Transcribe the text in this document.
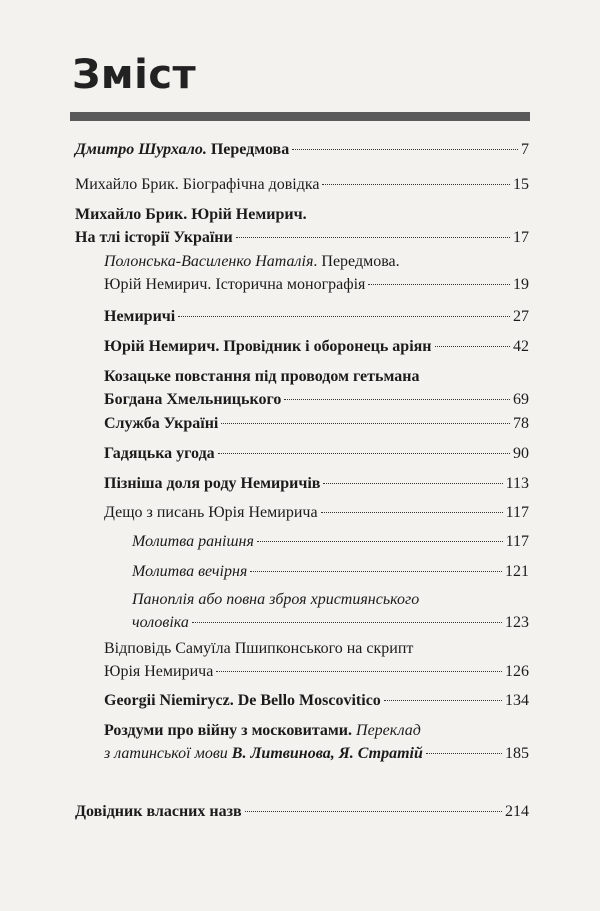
Зміст
Дмитро Шурхало. Передмова	7
Михайло Брик. Біографічна довідка	15
Михайло Брик. Юрій Немирич.
На тлі історії України	17
Полонська-Василенко Наталія. Передмова.
Юрій Немирич. Історична монографія	19
Немиричі	27
Юрій Немирич. Провідник і оборонець аріян	42
Козацьке повстання під проводом гетьмана
Богдана Хмельницького	69
Служба Україні	78
Гадяцька угода	90
Пізніша доля роду Немиричів	113
Дещо з писань Юрія Немирича	117
Молитва ранішня	117
Молитва вечірня	121
Паноплія або повна зброя християнського
чоловіка	123
Відповідь Самуїла Пшипконського на скрипт
Юрія Немирича	126
Georgii Niemirycz. De Bello Moscovitico	134
Роздуми про війну з московитами. Переклад
з латинської мови В. Литвинова, Я. Стратій	185
Довідник власних назв	214
